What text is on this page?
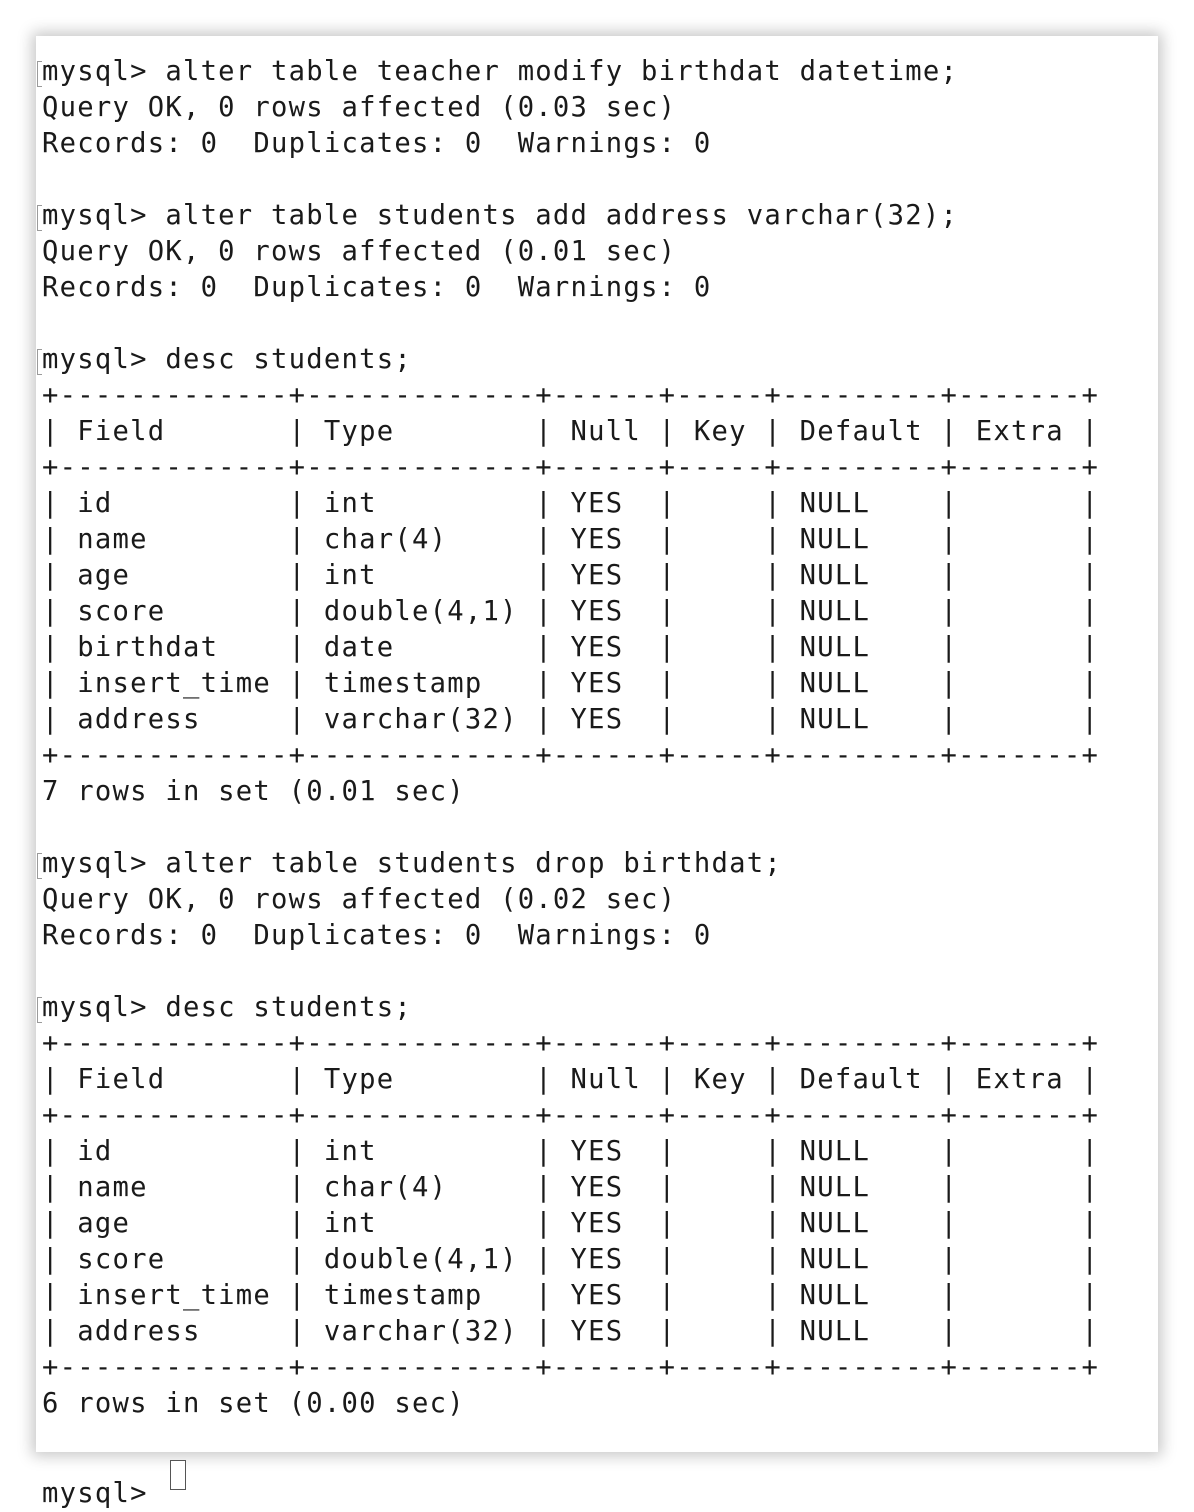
mysql> alter table teacher modify birthdat datetime;
Query OK, 0 rows affected (0.03 sec)
Records: 0  Duplicates: 0  Warnings: 0
mysql> alter table students add address varchar(32);
Query OK, 0 rows affected (0.01 sec)
Records: 0  Duplicates: 0  Warnings: 0
mysql> desc students;
+-------------+-------------+------+-----+---------+-------+
| Field       | Type        | Null | Key | Default | Extra |
+-------------+-------------+------+-----+---------+-------+
| id          | int         | YES  |     | NULL    |       |
| name        | char(4)     | YES  |     | NULL    |       |
| age         | int         | YES  |     | NULL    |       |
| score       | double(4,1) | YES  |     | NULL    |       |
| birthdat    | date        | YES  |     | NULL    |       |
| insert_time | timestamp   | YES  |     | NULL    |       |
| address     | varchar(32) | YES  |     | NULL    |       |
+-------------+-------------+------+-----+---------+-------+
7 rows in set (0.01 sec)
mysql> alter table students drop birthdat;
Query OK, 0 rows affected (0.02 sec)
Records: 0  Duplicates: 0  Warnings: 0
mysql> desc students;
+-------------+-------------+------+-----+---------+-------+
| Field       | Type        | Null | Key | Default | Extra |
+-------------+-------------+------+-----+---------+-------+
| id          | int         | YES  |     | NULL    |       |
| name        | char(4)     | YES  |     | NULL    |       |
| age         | int         | YES  |     | NULL    |       |
| score       | double(4,1) | YES  |     | NULL    |       |
| insert_time | timestamp   | YES  |     | NULL    |       |
| address     | varchar(32) | YES  |     | NULL    |       |
+-------------+-------------+------+-----+---------+-------+
6 rows in set (0.00 sec)
mysql>
